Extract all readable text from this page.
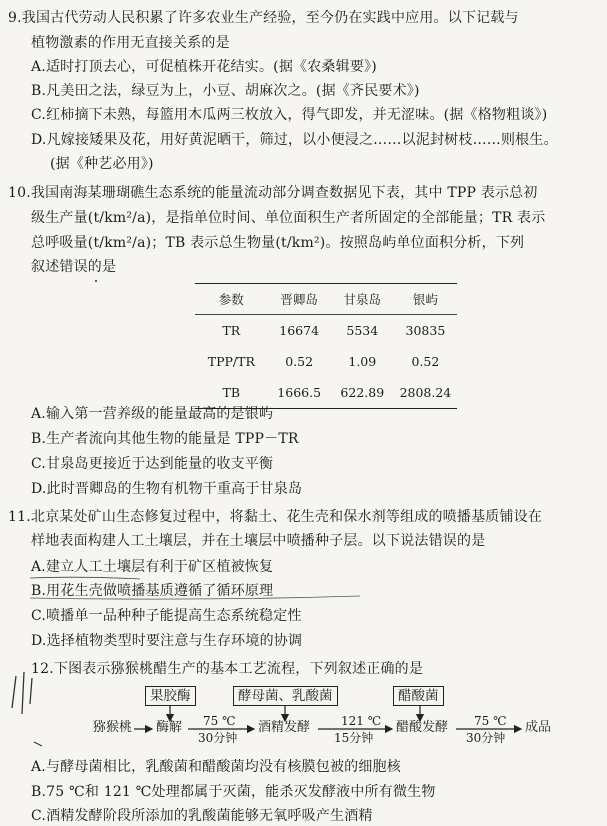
9.我国古代劳动人民积累了许多农业生产经验，至今仍在实践中应用。以下记载与
植物激素的作用无直接关系的是
A.适时打顶去心，可促植株开花结实。(据《农桑辑要》)
B.凡美田之法，绿豆为上，小豆、胡麻次之。(据《齐民要术》)
C.红柿摘下未熟，每篮用木瓜两三枚放入，得气即发，并无涩味。(据《格物粗谈》)
D.凡嫁接矮果及花，用好黄泥晒干，筛过，以小便浸之……以泥封树枝……则根生。
(据《种艺必用》)
10.我国南海某珊瑚礁生态系统的能量流动部分调查数据见下表，其中 TPP 表示总初
级生产量(t/km²/a)，是指单位时间、单位面积生产者所固定的全部能量；TR 表示
总呼吸量(t/km²/a)；TB 表示总生物量(t/km²)。按照岛屿单位面积分析，下列
叙述错误的是
参数	晋卿岛	甘泉岛	银屿
TR	16674	5534	30835
TPP/TR	0.52	1.09	0.52
TB	1666.5	622.89	2808.24
A.输入第一营养级的能量最高的是银屿
B.生产者流向其他生物的能量是 TPP－TR
C.甘泉岛更接近于达到能量的收支平衡
D.此时晋卿岛的生物有机物干重高于甘泉岛
11.北京某处矿山生态修复过程中，将黏土、花生壳和保水剂等组成的喷播基质铺设在
样地表面构建人工土壤层，并在土壤层中喷播种子层。以下说法错误的是
A.建立人工土壤层有利于矿区植被恢复
B.用花生壳做喷播基质遵循了循环原理
C.喷播单一品种种子能提高生态系统稳定性
D.选择植物类型时要注意与生存环境的协调
12.下图表示猕猴桃醋生产的基本工艺流程，下列叙述正确的是
果胶酶	酵母菌、乳酸菌	醋酸菌
猕猴桃 酶解	酒精发酵	醋酸发酵	成品
75 ℃
30分钟
121 ℃
15分钟
75 ℃
30分钟
A.与酵母菌相比，乳酸菌和醋酸菌均没有核膜包被的细胞核
B.75 ℃和 121 ℃处理都属于灭菌，能杀灭发酵液中所有微生物
C.酒精发酵阶段所添加的乳酸菌能够无氧呼吸产生酒精
